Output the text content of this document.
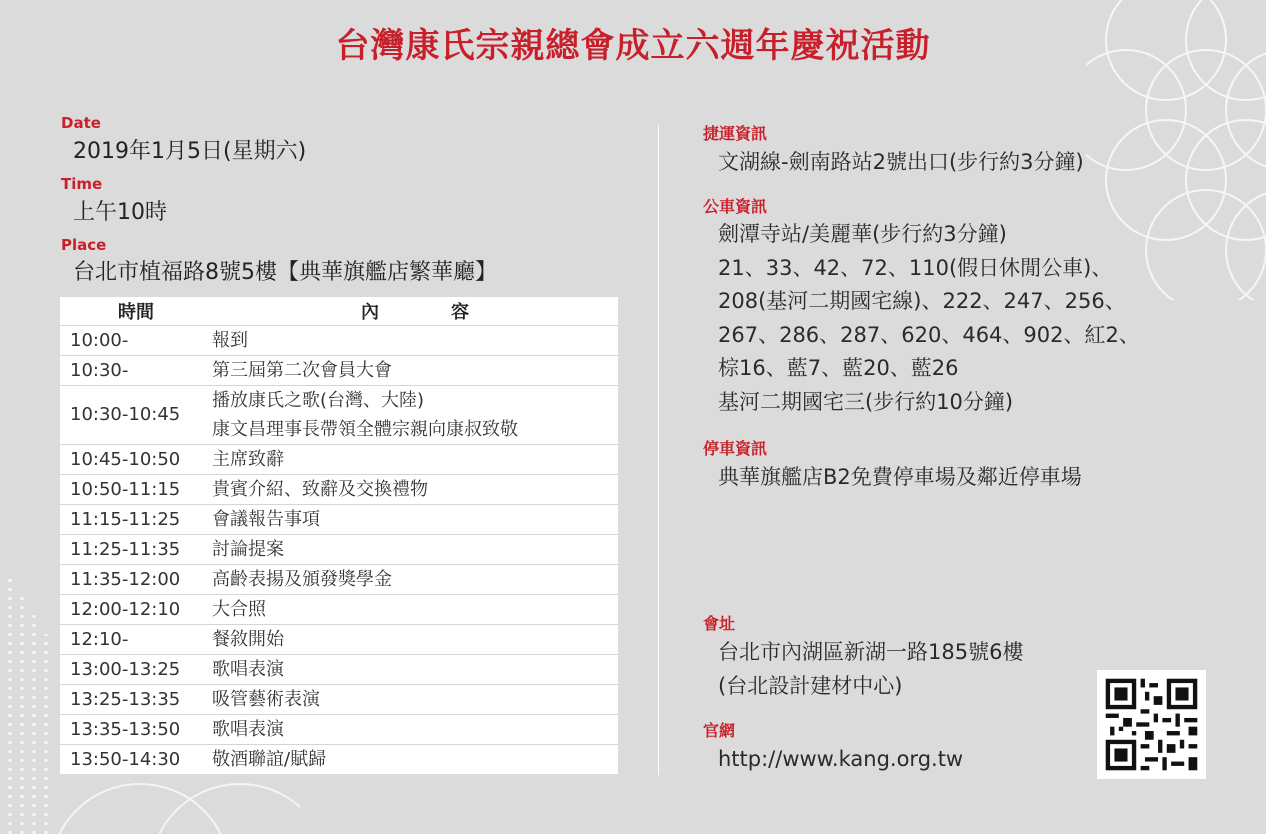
台灣康氏宗親總會成立六週年慶祝活動
Date
2019年1月5日(星期六)
Time
上午10時
Place
台北市植福路8號5樓【典華旗艦店繁華廳】
時間	內　　　　容
10:00-	報到
10:30-	第三屆第二次會員大會
10:30-10:45	播放康氏之歌(台灣、大陸)
康文昌理事長帶領全體宗親向康叔致敬

10:45-10:50	主席致辭
10:50-11:15	貴賓介紹、致辭及交換禮物
11:15-11:25	會議報告事項
11:25-11:35	討論提案
11:35-12:00	高齡表揚及頒發獎學金
12:00-12:10	大合照
12:10-	餐敘開始
13:00-13:25	歌唱表演
13:25-13:35	吸管藝術表演
13:35-13:50	歌唱表演
13:50-14:30	敬酒聯誼/賦歸
捷運資訊
文湖線-劍南路站2號出口(步行約3分鐘)
公車資訊
劍潭寺站/美麗華(步行約3分鐘)
21、33、42、72、110(假日休閒公車)、
208(基河二期國宅線)、222、247、256、
267、286、287、620、464、902、紅2、
棕16、藍7、藍20、藍26
基河二期國宅三(步行約10分鐘)
停車資訊
典華旗艦店B2免費停車場及鄰近停車場
會址
台北市內湖區新湖一路185號6樓
(台北設計建材中心)
官網
http://www.kang.org.tw
